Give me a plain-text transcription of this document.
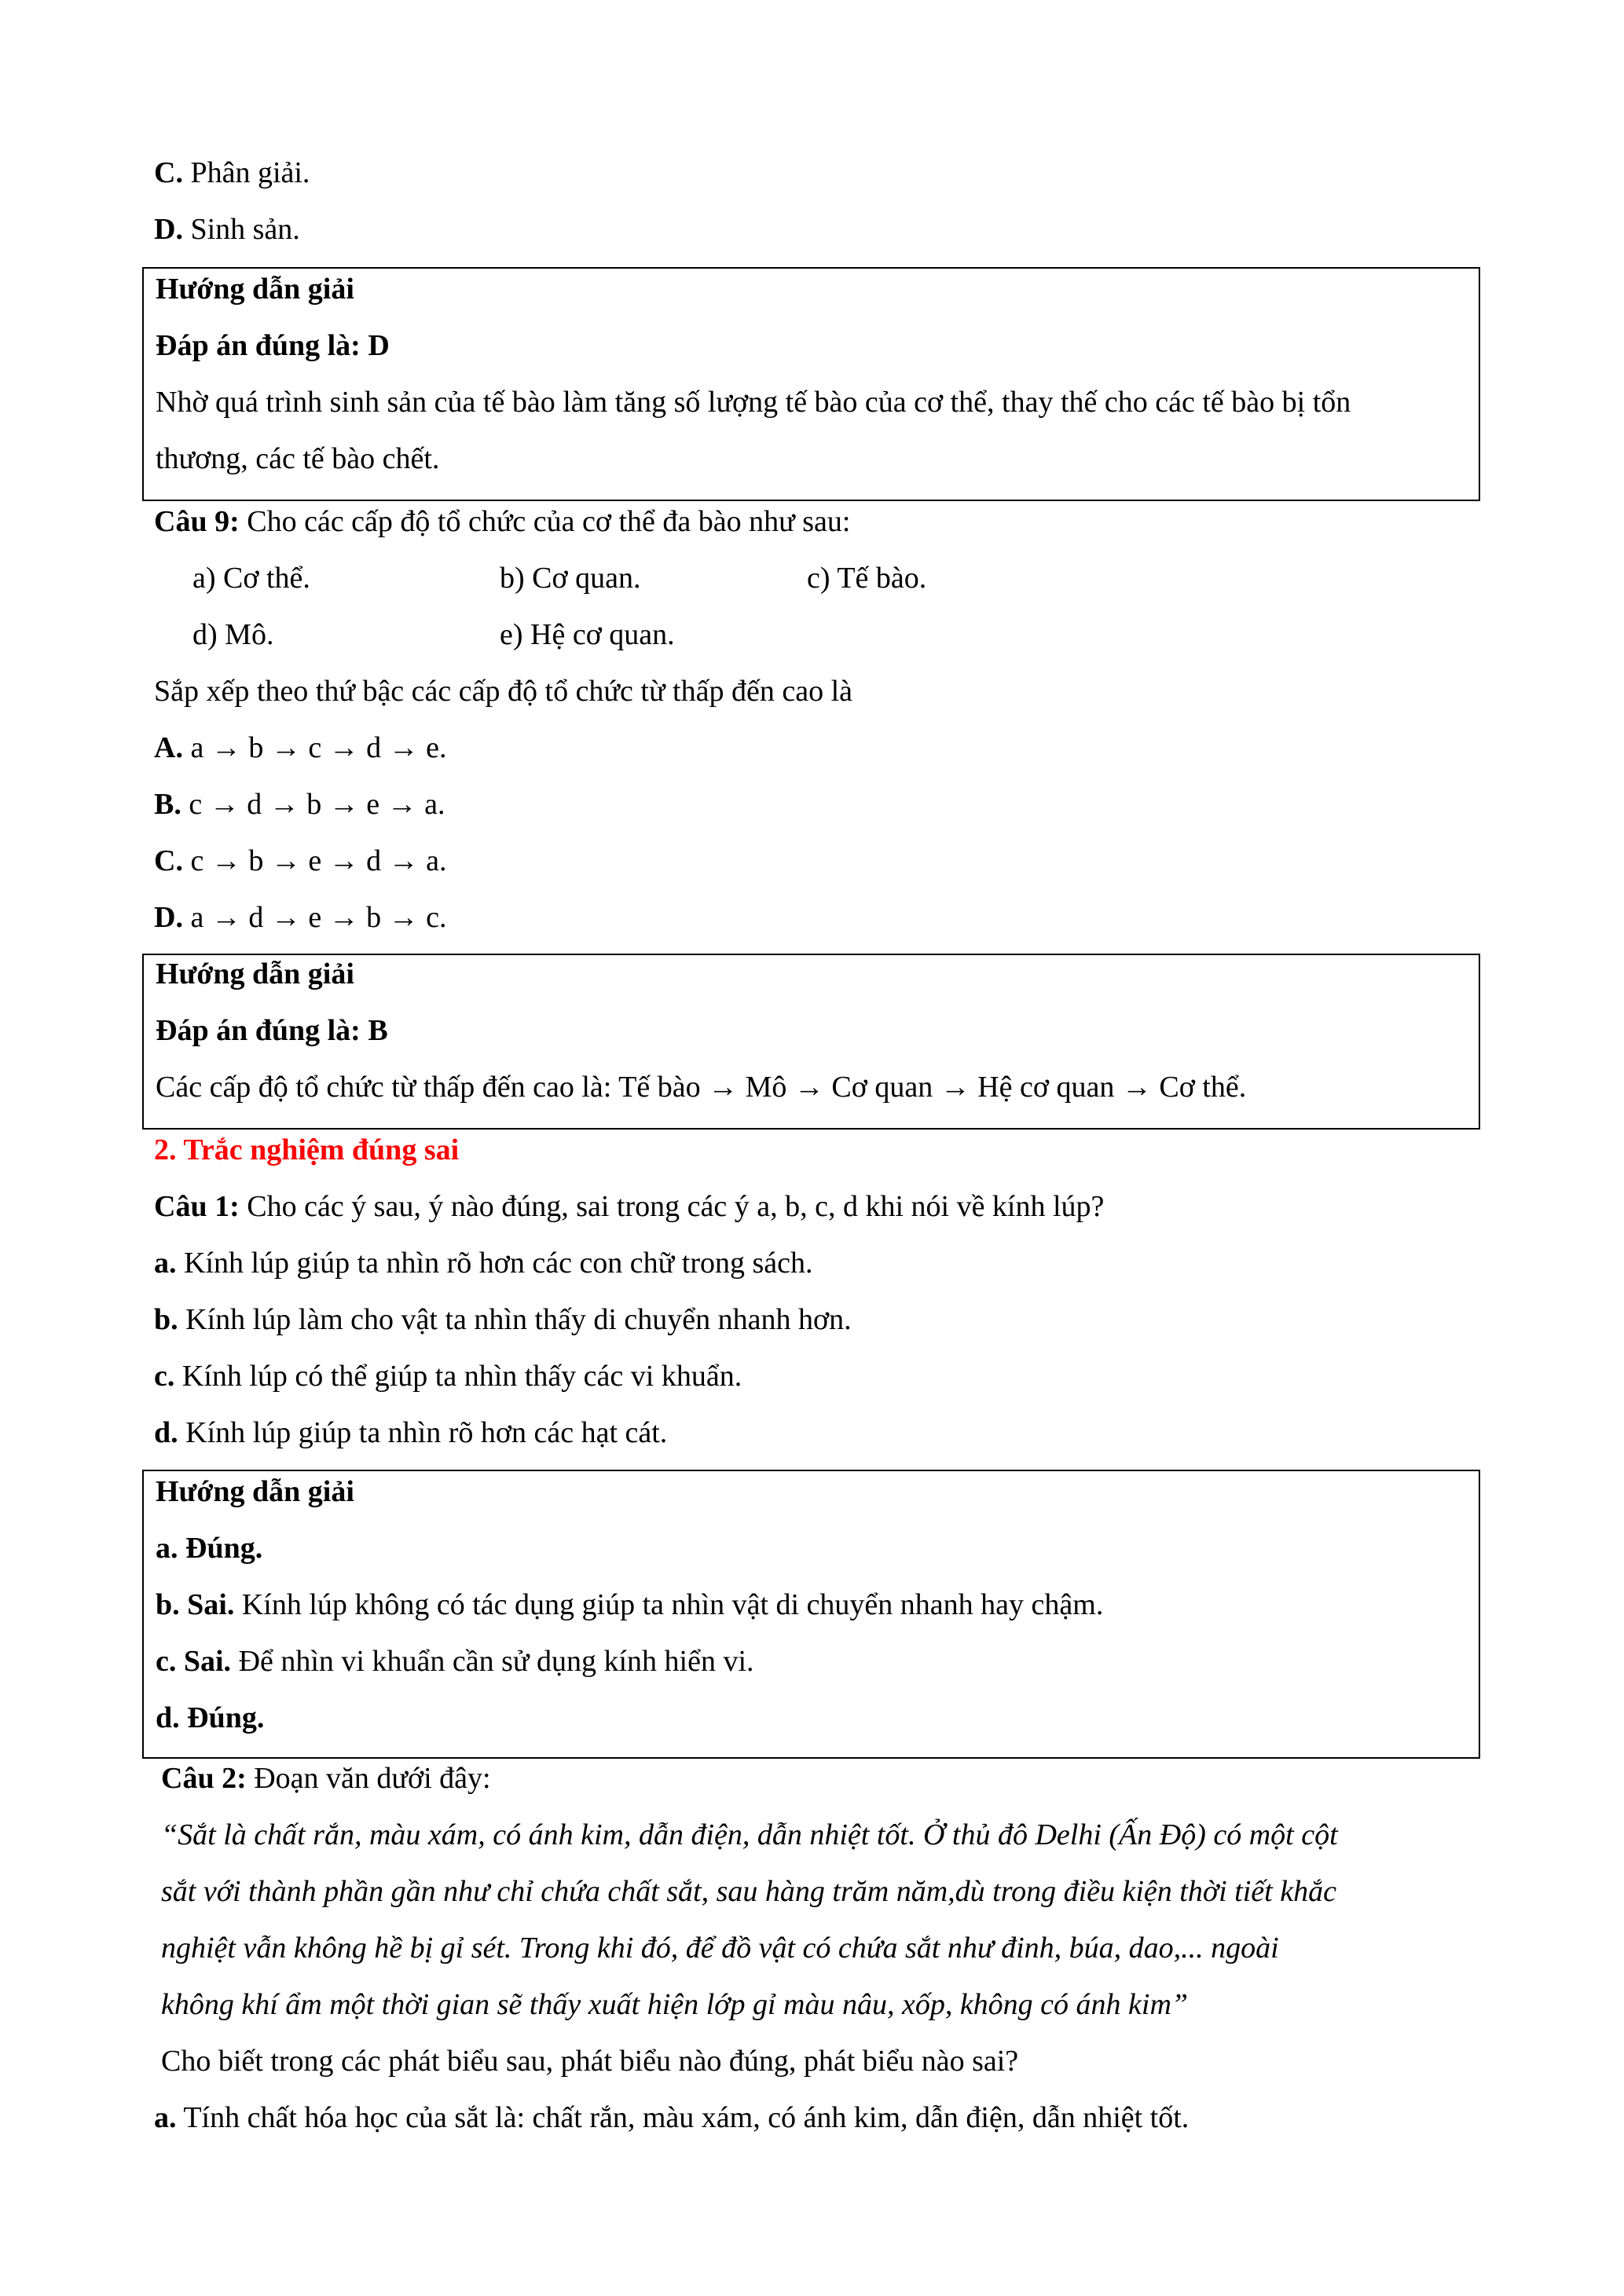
C. Phân giải.
D. Sinh sản.
Hướng dẫn giải
Đáp án đúng là: D
Nhờ quá trình sinh sản của tế bào làm tăng số lượng tế bào của cơ thể, thay thế cho các tế bào bị tổn
thương, các tế bào chết.
Câu 9: Cho các cấp độ tổ chức của cơ thể đa bào như sau:
a) Cơ thể.	b) Cơ quan.	c) Tế bào.
d) Mô.	e) Hệ cơ quan.
Sắp xếp theo thứ bậc các cấp độ tổ chức từ thấp đến cao là
A. a → b → c → d → e.
B. c → d → b → e → a.
C. c → b → e → d → a.
D. a → d → e → b → c.
Hướng dẫn giải
Đáp án đúng là: B
Các cấp độ tổ chức từ thấp đến cao là: Tế bào → Mô → Cơ quan → Hệ cơ quan → Cơ thể.
2. Trắc nghiệm đúng sai
Câu 1: Cho các ý sau, ý nào đúng, sai trong các ý a, b, c, d khi nói về kính lúp?
a. Kính lúp giúp ta nhìn rõ hơn các con chữ trong sách.
b. Kính lúp làm cho vật ta nhìn thấy di chuyển nhanh hơn.
c. Kính lúp có thể giúp ta nhìn thấy các vi khuẩn.
d. Kính lúp giúp ta nhìn rõ hơn các hạt cát.
Hướng dẫn giải
a. Đúng.
b. Sai. Kính lúp không có tác dụng giúp ta nhìn vật di chuyển nhanh hay chậm.
c. Sai. Để nhìn vi khuẩn cần sử dụng kính hiển vi.
d. Đúng.
Câu 2: Đoạn văn dưới đây:
“Sắt là chất rắn, màu xám, có ánh kim, dẫn điện, dẫn nhiệt tốt. Ở thủ đô Delhi (Ấn Độ) có một cột
sắt với thành phần gần như chỉ chứa chất sắt, sau hàng trăm năm,dù trong điều kiện thời tiết khắc
nghiệt vẫn không hề bị gỉ sét. Trong khi đó, để đồ vật có chứa sắt như đinh, búa, dao,... ngoài
không khí ẩm một thời gian sẽ thấy xuất hiện lớp gỉ màu nâu, xốp, không có ánh kim”
Cho biết trong các phát biểu sau, phát biểu nào đúng, phát biểu nào sai?
a. Tính chất hóa học của sắt là: chất rắn, màu xám, có ánh kim, dẫn điện, dẫn nhiệt tốt.
